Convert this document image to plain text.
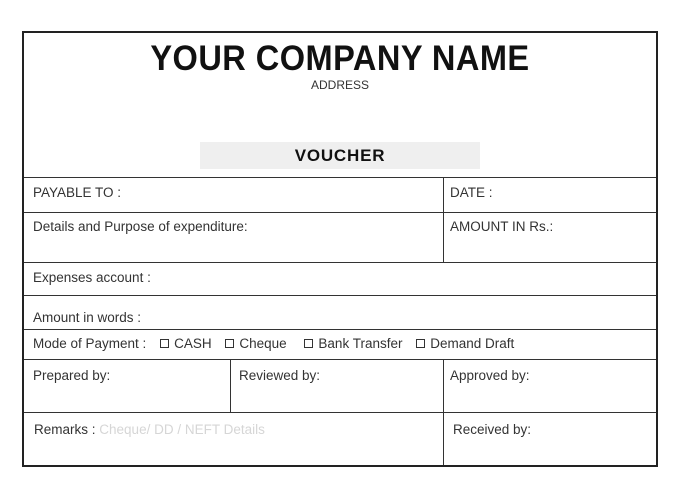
YOUR COMPANY NAME
ADDRESS
VOUCHER
PAYABLE TO :	DATE :
Details and Purpose of expenditure:	AMOUNT IN Rs.:
Expenses account :
Amount in words :
Mode of Payment : CASH Cheque Bank Transfer Demand Draft
Prepared by:	Reviewed by:	Approved by:
Remarks : Cheque/ DD / NEFT Details	Received by:
